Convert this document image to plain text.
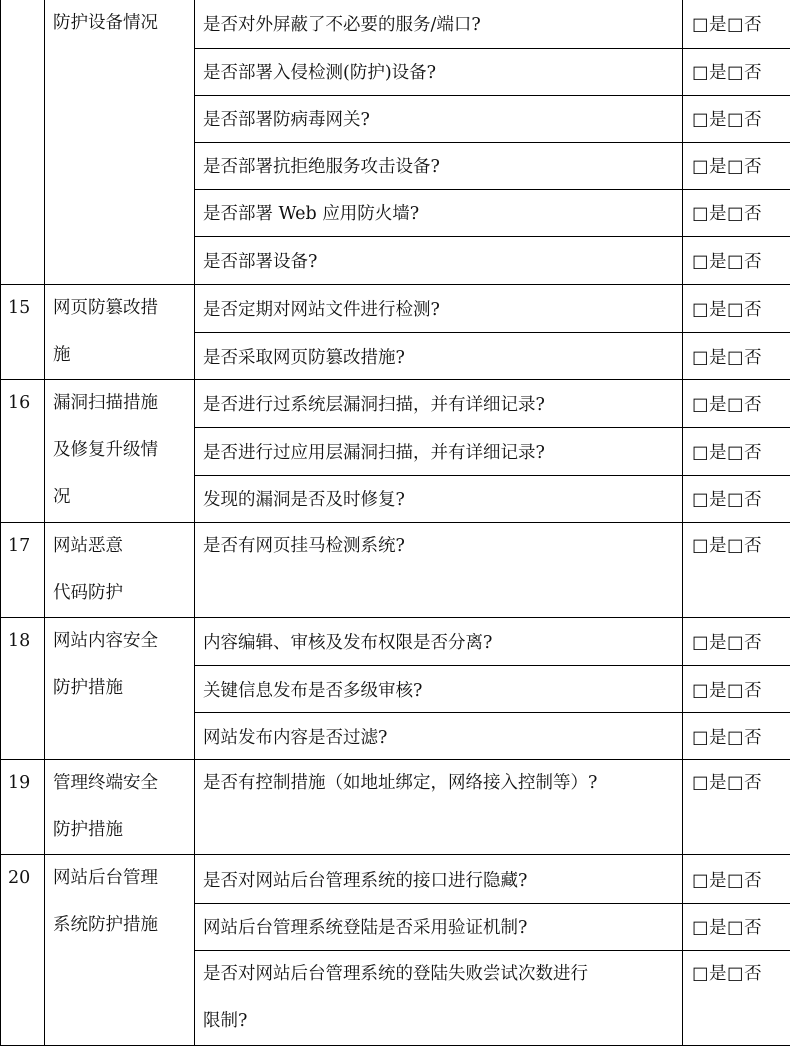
	防护设备情况	是否对外屏蔽了不必要的服务/端口?	□是□否
		是否部署入侵检测(防护)设备?	□是□否
		是否部署防病毒网关?	□是□否
		是否部署抗拒绝服务攻击设备?	□是□否
		是否部署 Web 应用防火墙?	□是□否
		是否部署设备?	□是□否

15	网页防篡改措
施	是否定期对网站文件进行检测?	□是□否
		是否采取网页防篡改措施?	□是□否

16	漏洞扫描措施
及修复升级情
况	是否进行过系统层漏洞扫描，并有详细记录?	□是□否
		是否进行过应用层漏洞扫描，并有详细记录?	□是□否
		发现的漏洞是否及时修复?	□是□否

17	网站恶意
代码防护	是否有网页挂马检测系统?	□是□否

18	网站内容安全
防护措施	内容编辑、审核及发布权限是否分离?	□是□否
		关键信息发布是否多级审核?	□是□否
		网站发布内容是否过滤?	□是□否

19	管理终端安全
防护措施	是否有控制措施（如地址绑定，网络接入控制等）?	□是□否

20	网站后台管理
系统防护措施	是否对网站后台管理系统的接口进行隐藏?	□是□否
		网站后台管理系统登陆是否采用验证机制?	□是□否

		是否对网站后台管理系统的登陆失败尝试次数进行
限制?	□是□否
